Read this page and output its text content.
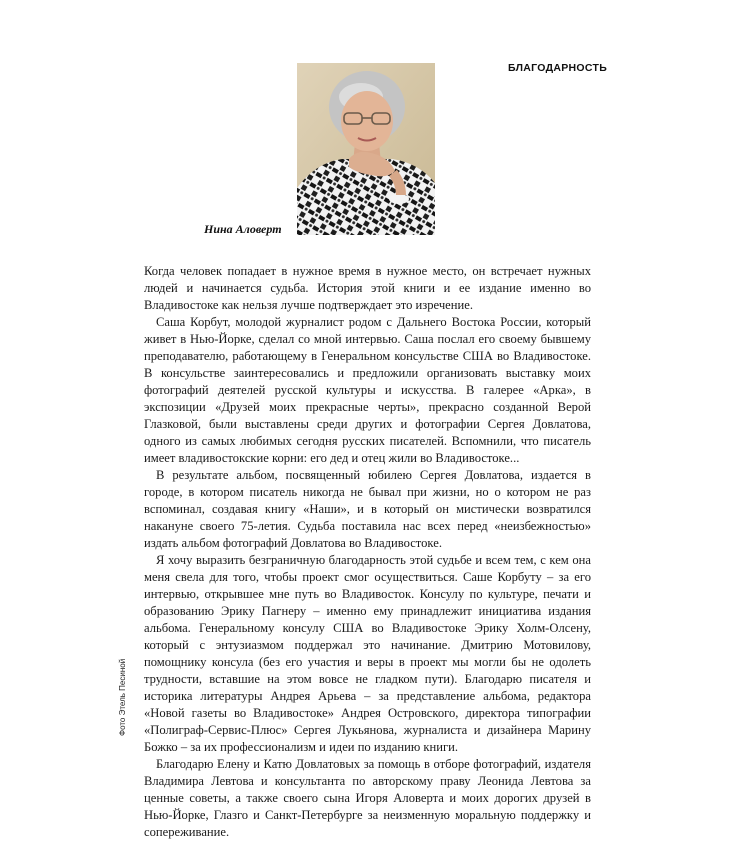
БЛАГОДАРНОСТЬ
Нина Аловерт
Фото Этель Песиной

Когда человек попадает в нужное время в нужное место, он встречает нужных людей и начинается судьба. История этой книги и ее издание именно во Владивостоке как нельзя лучше подтверждает это изречение.

Саша Корбут, молодой журналист родом с Дальнего Востока России, который живет в Нью-Йорке, сделал со мной интервью. Саша послал его своему бывшему преподавателю, работающему в Генеральном консульстве США во Владивостоке. В консульстве заинтересовались и предложили организовать выставку моих фотографий деятелей русской культуры и искусства. В галерее «Арка», в экспозиции «Друзей моих прекрасные черты», прекрасно созданной Верой Глазковой, были выставлены среди других и фотографии Сергея Довлатова, одного из самых любимых сегодня русских писателей. Вспомнили, что писатель имеет владивостокские корни: его дед и отец жили во Владивостоке...

В результате альбом, посвященный юбилею Сергея Довлатова, издается в городе, в котором писатель никогда не бывал при жизни, но о котором не раз вспоминал, создавая книгу «Наши», и в который он мистически возвратился накануне своего 75-летия. Судьба поставила нас всех перед «неизбежностью» издать альбом фотографий Довлатова во Владивостоке.

Я хочу выразить безграничную благодарность этой судьбе и всем тем, с кем она меня свела для того, чтобы проект смог осуществиться. Саше Корбуту – за его интервью, открывшее мне путь во Владивосток. Консулу по культуре, печати и образованию Эрику Пагнеру – именно ему принадлежит инициатива издания альбома. Генеральному консулу США во Владивостоке Эрику Холм-Олсену, который с энтузиазмом поддержал это начинание. Дмитрию Мотовилову, помощнику консула (без его участия и веры в проект мы могли бы не одолеть трудности, вставшие на этом вовсе не гладком пути). Благодарю писателя и историка литературы Андрея Арьева – за представление альбома, редактора «Новой газеты во Владивостоке» Андрея Островского, директора типографии «Полиграф-Сервис-Плюс» Сергея Лукьянова, журналиста и дизайнера Марину Божко – за их профессионализм и идеи по изданию книги.

Благодарю Елену и Катю Довлатовых за помощь в отборе фотографий, издателя Владимира Левтова и консультанта по авторскому праву Леонида Левтова за ценные советы, а также своего сына Игоря Аловерта и моих дорогих друзей в Нью-Йорке, Глазго и Санкт-Петербурге за неизменную моральную поддержку и сопереживание.
